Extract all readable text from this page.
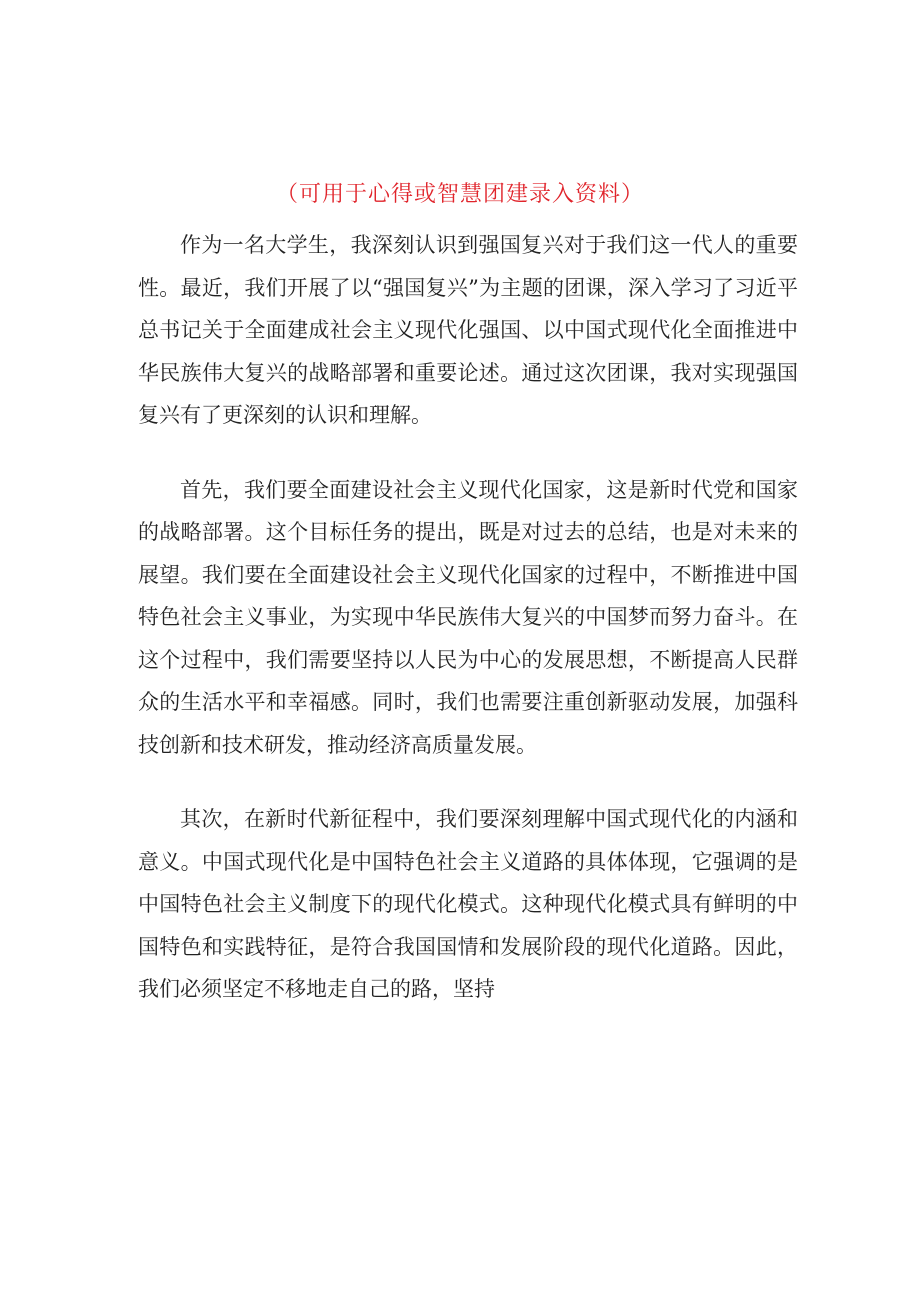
（可用于心得或智慧团建录入资料）

作为一名大学生，我深刻认识到强国复兴对于我们这一代人的重要性。最近，我们开展了以“强国复兴”为主题的团课，深入学习了习近平总书记关于全面建成社会主义现代化强国、以中国式现代化全面推进中华民族伟大复兴的战略部署和重要论述。通过这次团课，我对实现强国复兴有了更深刻的认识和理解。

首先，我们要全面建设社会主义现代化国家，这是新时代党和国家的战略部署。这个目标任务的提出，既是对过去的总结，也是对未来的展望。我们要在全面建设社会主义现代化国家的过程中，不断推进中国特色社会主义事业，为实现中华民族伟大复兴的中国梦而努力奋斗。在这个过程中，我们需要坚持以人民为中心的发展思想，不断提高人民群众的生活水平和幸福感。同时，我们也需要注重创新驱动发展，加强科技创新和技术研发，推动经济高质量发展。

其次，在新时代新征程中，我们要深刻理解中国式现代化的内涵和意义。中国式现代化是中国特色社会主义道路的具体体现，它强调的是中国特色社会主义制度下的现代化模式。这种现代化模式具有鲜明的中国特色和实践特征，是符合我国国情和发展阶段的现代化道路。因此，我们必须坚定不移地走自己的路，坚持
